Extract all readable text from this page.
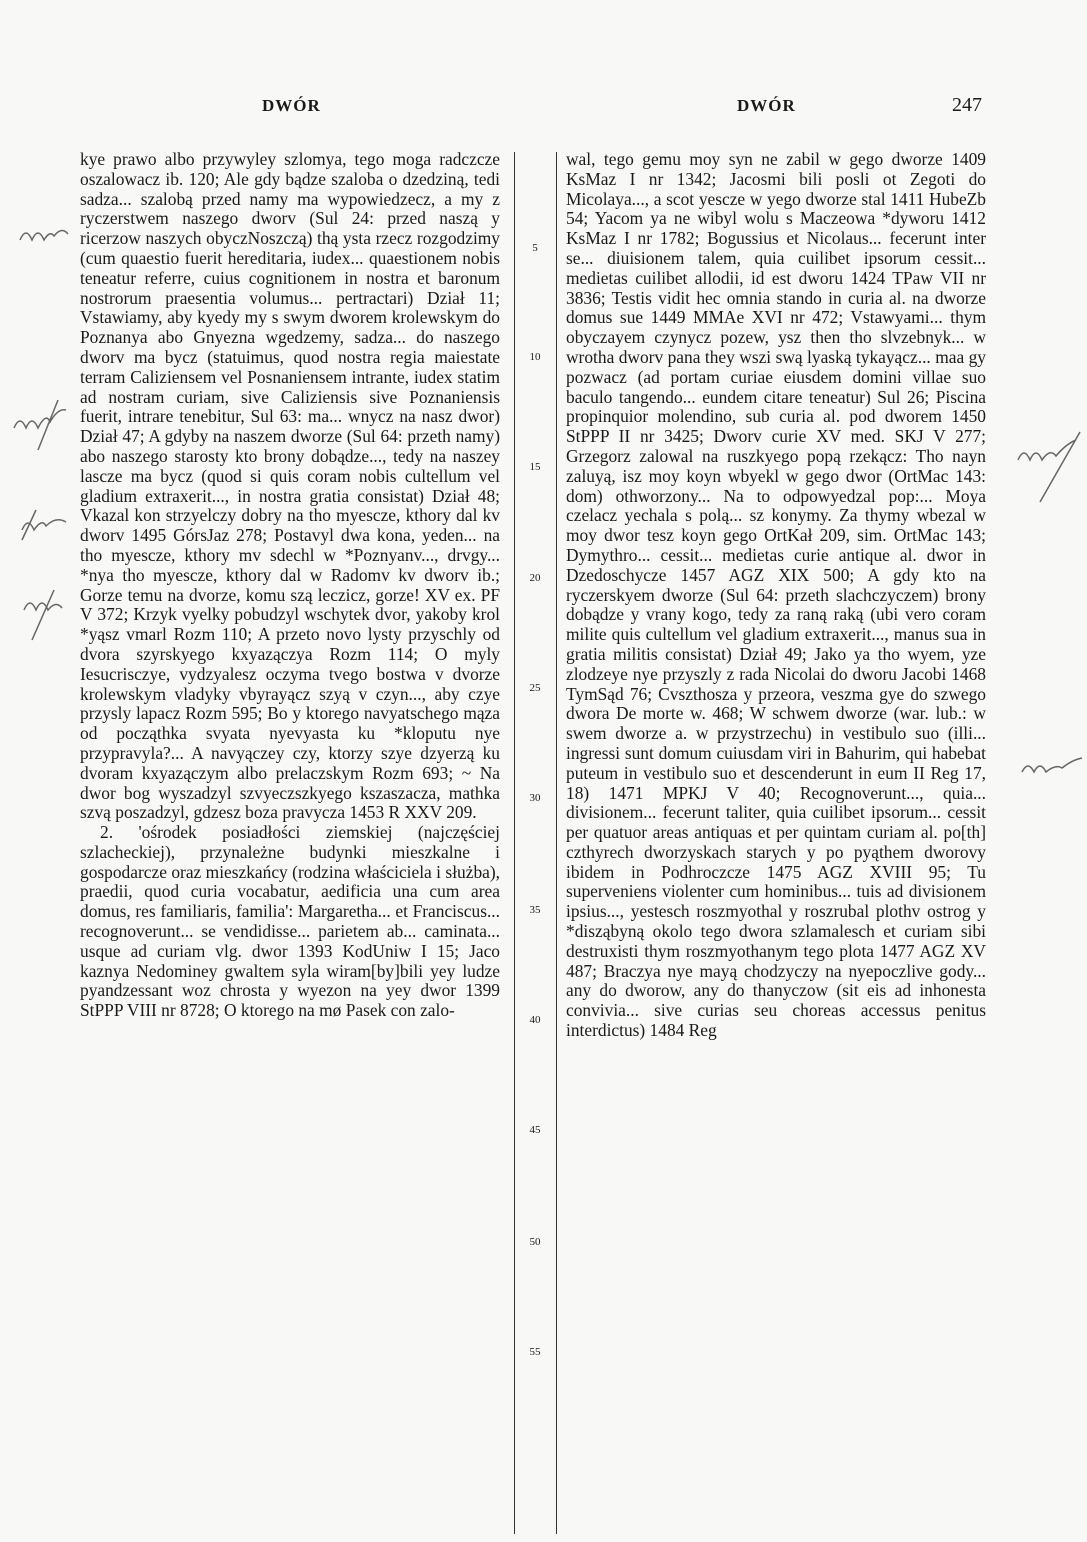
DWÓR	DWÓR	247

kye prawo albo przywyley szlomya, tego moga radczcze oszalowacz ib. 120; Ale gdy bądze szaloba o dzedziną, tedi sadza... szalobą przed namy ma wypowiedzecz, a my z ryczerstwem naszego dworv (Sul 24: przed naszą y ricerzow naszych obyczNoszczą) thą ysta rzecz rozgodzimy (cum quaestio fuerit hereditaria, iudex... quaestionem nobis teneatur referre, cuius cognitionem in nostra et baronum nostrorum praesentia volumus... pertractari) Dział 11; Vstawiamy, aby kyedy my s swym dworem krolewskym do Poznanya abo Gnyezna wgedzemy, sadza... do naszego dworv ma bycz (statuimus, quod nostra regia maiestate terram Caliziensem vel Posnaniensem intrante, iudex statim ad nostram curiam, sive Caliziensis sive Poznaniensis fuerit, intrare tenebitur, Sul 63: ma... wnycz na nasz dwor) Dział 47; A gdyby na naszem dworze (Sul 64: przeth namy) abo naszego starosty kto brony dobądze..., tedy na naszey lascze ma bycz (quod si quis coram nobis cultellum vel gladium extraxerit..., in nostra gratia consistat) Dział 48; Vkazal kon strzyelczy dobry na tho myescze, kthory dal kv dworv 1495 GórsJaz 278; Postavyl dwa kona, yeden... na tho myescze, kthory mv sdechl w *Poznyanv..., drvgy... *nya tho myescze, kthory dal w Radomv kv dworv ib.; Gorze temu na dvorze, komu szą leczicz, gorze! XV ex. PF V 372; Krzyk vyelky pobudzyl wschytek dvor, yakoby krol *yąsz vmarl Rozm 110; A przeto novo lysty przyschly od dvora szyrskyego kxyazączya Rozm 114; O myly Iesucrisczye, vydzyalesz oczyma tvego bostwa v dvorze krolewskym vladyky vbyrayącz szyą v czyn..., aby czye przysly lapacz Rozm 595; Bo y ktorego navyatschego mąza od począthka svyata nyevyasta ku *kloputu nye przypravyla?... A navyączey czy, ktorzy szye dzyerzą ku dvoram kxyazączym albo prelaczskym Rozm 693; ~ Na dwor bog wyszadzyl szvyeczszkyego kszaszacza, mathka szvą poszadzyl, gdzesz boza pravycza 1453 R XXV 209.

2. 'ośrodek posiadłości ziemskiej (najczęściej szlacheckiej), przynależne budynki mieszkalne i gospodarcze oraz mieszkańcy (rodzina właściciela i służba), praedii, quod curia vocabatur, aedificia una cum area domus, res familiaris, familia': Margaretha... et Franciscus... recognoverunt... se vendidisse... parietem ab... caminata... usque ad curiam vlg. dwor 1393 KodUniw I 15; Jaco kaznya Nedominey gwaltem syla wiram[by]bili yey ludze pyandzessant woz chrosta y wyezon na yey dwor 1399 StPPP VIII nr 8728; O ktorego na mø Pasek con zalo-

5
10
15
20
25
30
35
40
45
50
55

wal, tego gemu moy syn ne zabil w gego dworze 1409 KsMaz I nr 1342; Jacosmi bili posli ot Zegoti do Micolaya..., a scot yescze w yego dworze stal 1411 HubeZb 54; Yacom ya ne wibyl wolu s Maczeowa *dyworu 1412 KsMaz I nr 1782; Bogussius et Nicolaus... fecerunt inter se... diuisionem talem, quia cuilibet ipsorum cessit... medietas cuilibet allodii, id est dworu 1424 TPaw VII nr 3836; Testis vidit hec omnia stando in curia al. na dworze domus sue 1449 MMAe XVI nr 472; Vstawyami... thym obyczayem czynycz pozew, ysz then tho slvzebnyk... w wrotha dworv pana they wszi swą lyaską tykayącz... maa gy pozwacz (ad portam curiae eiusdem domini villae suo baculo tangendo... eundem citare teneatur) Sul 26; Piscina propinquior molendino, sub curia al. pod dworem 1450 StPPP II nr 3425; Dworv curie XV med. SKJ V 277; Grzegorz zalowal na ruszkyego popą rzekącz: Tho nayn zaluyą, isz moy koyn wbyekl w gego dwor (OrtMac 143: dom) othworzony... Na to odpowyedzal pop:... Moya czelacz yechala s polą... sz konymy. Za thymy wbezal w moy dwor tesz koyn gego OrtKał 209, sim. OrtMac 143; Dymythro... cessit... medietas curie antique al. dwor in Dzedoschycze 1457 AGZ XIX 500; A gdy kto na ryczerskyem dworze (Sul 64: przeth slachczyczem) brony dobądze y vrany kogo, tedy za raną raką (ubi vero coram milite quis cultellum vel gladium extraxerit..., manus sua in gratia militis consistat) Dział 49; Jako ya tho wyem, yze zlodzeye nye przyszly z rada Nicolai do dworu Jacobi 1468 TymSąd 76; Cvszthosza y przeora, veszma gye do szwego dwora De morte w. 468; W schwem dworze (war. lub.: w swem dworze a. w przystrzechu) in vestibulo suo (illi... ingressi sunt domum cuiusdam viri in Bahurim, qui habebat puteum in vestibulo suo et descenderunt in eum II Reg 17, 18) 1471 MPKJ V 40; Recognoverunt..., quia... divisionem... fecerunt taliter, quia cuilibet ipsorum... cessit per quatuor areas antiquas et per quintam curiam al. po[th] czthyrech dworzyskach starych y po pyąthem dworovy ibidem in Podhroczcze 1475 AGZ XVIII 95; Tu superveniens violenter cum hominibus... tuis ad divisionem ipsius..., yestesch roszmyothal y roszrubal plothv ostrog y *disząbyną okolo tego dwora szlamalesch et curiam sibi destruxisti thym roszmyothanym tego plota 1477 AGZ XV 487; Braczya nye mayą chodzyczy na nyepoczlive gody... any do dworow, any do thanyczow (sit eis ad inhonesta convivia... sive curias seu choreas accessus penitus interdictus) 1484 Reg
